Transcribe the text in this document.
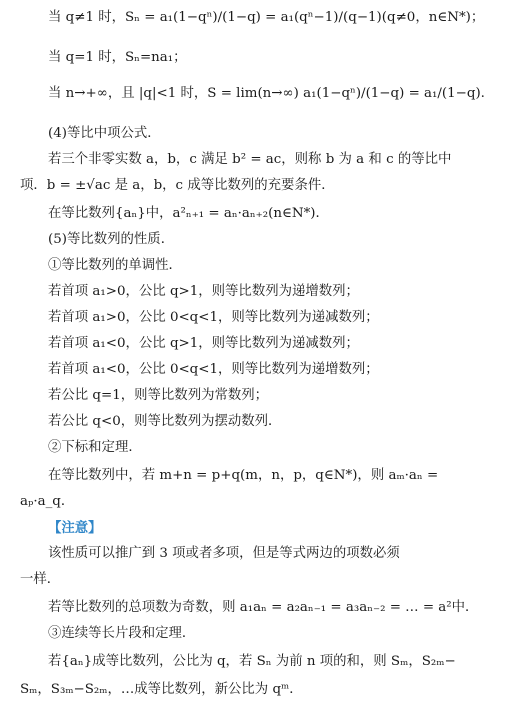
当 q≠1 时，Sₙ = a₁(1−qⁿ)/(1−q) = a₁(qⁿ−1)/(q−1)(q≠0，n∈N*)；
当 q=1 时，Sₙ=na₁；
当 n→+∞，且 |q|<1 时，S = lim(n→∞) a₁(1−qⁿ)/(1−q) = a₁/(1−q).
(4)等比中项公式．
若三个非零实数 a，b，c 满足 b² = ac，则称 b 为 a 和 c 的等比中
项．b = ±√ac 是 a，b，c 成等比数列的充要条件．
在等比数列{aₙ}中，a²ₙ₊₁ = aₙ·aₙ₊₂(n∈N*)．
(5)等比数列的性质．
①等比数列的单调性．
若首项 a₁>0，公比 q>1，则等比数列为递增数列；
若首项 a₁>0，公比 0<q<1，则等比数列为递减数列；
若首项 a₁<0，公比 q>1，则等比数列为递减数列；
若首项 a₁<0，公比 0<q<1，则等比数列为递增数列；
若公比 q=1，则等比数列为常数列；
若公比 q<0，则等比数列为摆动数列．
②下标和定理．
在等比数列中，若 m+n = p+q(m，n，p，q∈N*)，则 aₘ·aₙ =
aₚ·a_q．
【注意】
该性质可以推广到 3 项或者多项，但是等式两边的项数必须
一样．
若等比数列的总项数为奇数，则 a₁aₙ = a₂aₙ₋₁ = a₃aₙ₋₂ = … = a²中．
③连续等长片段和定理．
若{aₙ}成等比数列，公比为 q，若 Sₙ 为前 n 项的和，则 Sₘ，S₂ₘ−
Sₘ，S₃ₘ−S₂ₘ，…成等比数列，新公比为 qᵐ．
